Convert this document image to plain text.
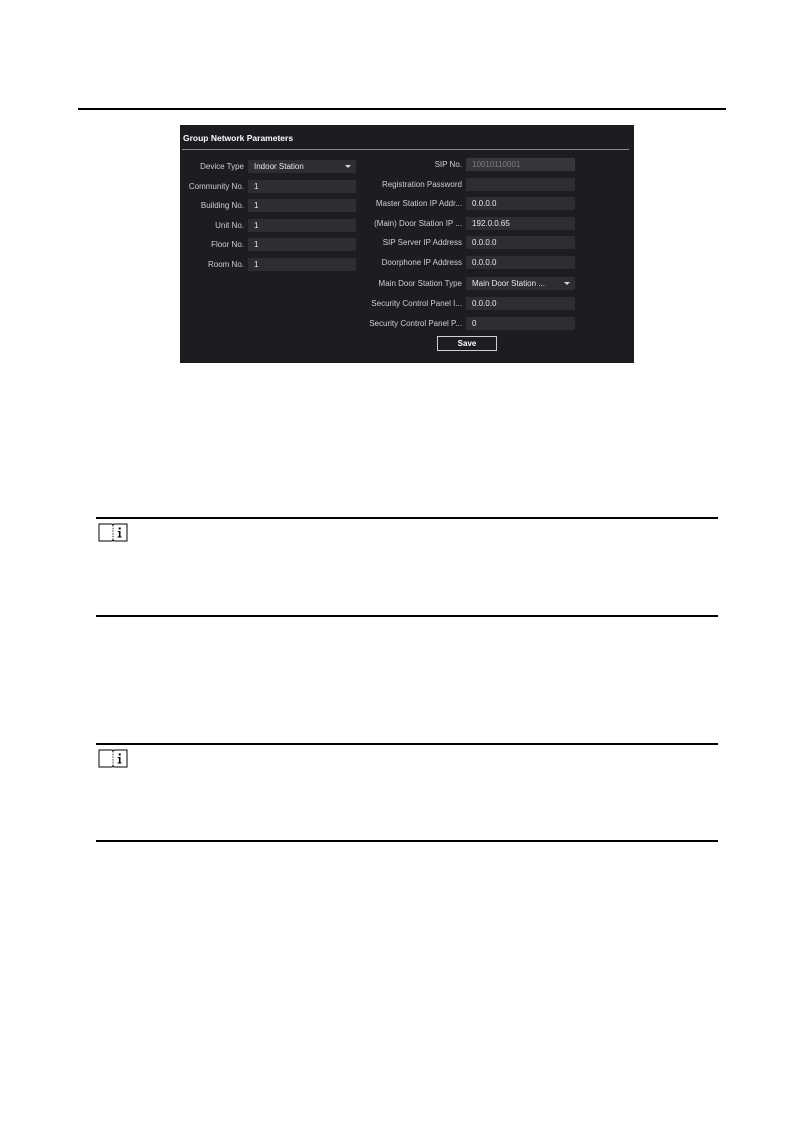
Group Network Parameters
Device Type	Indoor Station
Community No.	1
Building No.	1
Unit No.	1
Floor No.	1
Room No.	1
SIP No.	10010110001
Registration Password
Master Station IP Addr...	0.0.0.0
(Main) Door Station IP ...	192.0.0.65
SIP Server IP Address	0.0.0.0
Doorphone IP Address	0.0.0.0
Main Door Station Type	Main Door Station ...
Security Control Panel I...	0.0.0.0
Security Control Panel P...	0
Save
